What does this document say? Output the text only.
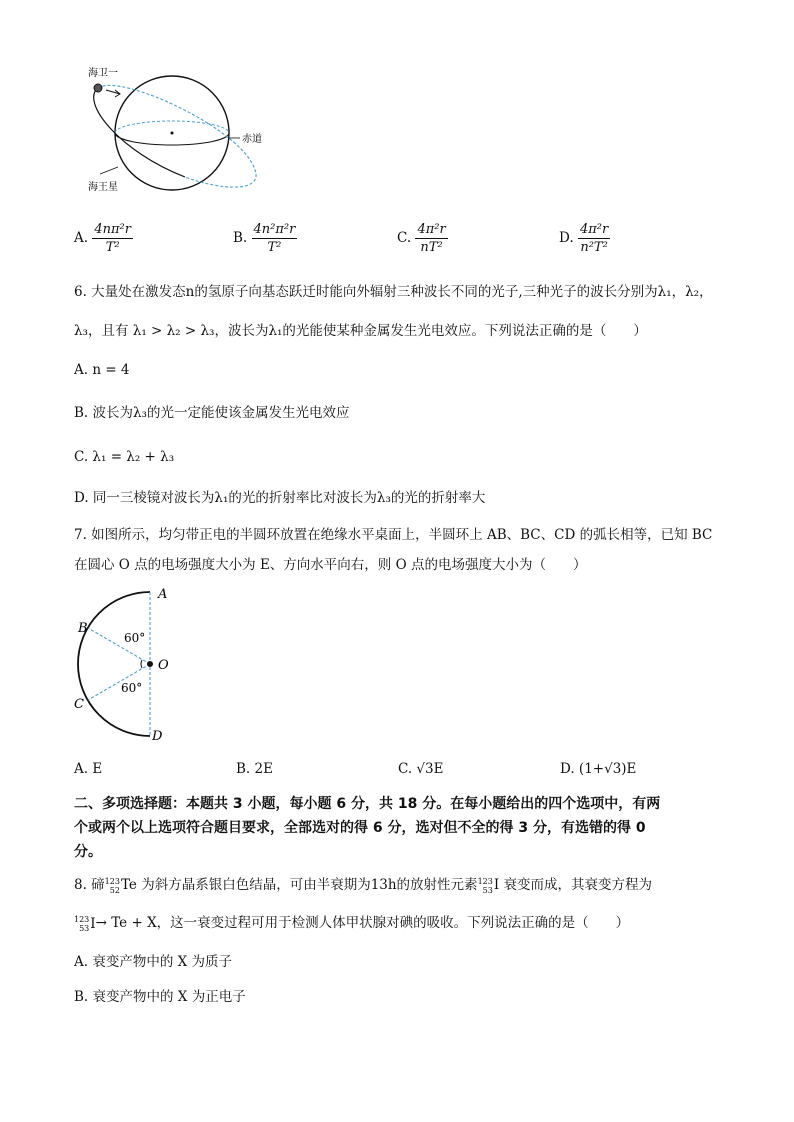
海卫一
海王星
赤道
A. $\frac{\text{4nπ²r}}{\text{T²}}$	B. $\frac{\text{4n²π²r}}{\text{T²}}$	C. $\frac{\text{4π²r}}{\text{nT²}}$	D. $\frac{\text{4π²r}}{\text{n²T²}}$
6. 大量处在激发态n的氢原子向基态跃迁时能向外辐射三种波长不同的光子,三种光子的波长分别为λ₁，λ₂，
λ₃，且有 λ₁ > λ₂ > λ₃，波长为λ₁的光能使某种金属发生光电效应。下列说法正确的是（　　）
A. n = 4
B. 波长为λ₃的光一定能使该金属发生光电效应
C. λ₁ = λ₂ + λ₃
D. 同一三棱镜对波长为λ₁的光的折射率比对波长为λ₃的光的折射率大
7. 如图所示，均匀带正电的半圆环放置在绝缘水平桌面上，半圆环上 AB、BC、CD 的弧长相等，已知 BC
在圆心 O 点的电场强度大小为 E、方向水平向右，则 O 点的电场强度大小为（　　）
A
B
C
D
O
60°
60°
A. E	B. 2E	C. √3E	D. (1+√3)E
二、多项选择题：本题共 3 小题，每小题 6 分，共 18 分。在每小题给出的四个选项中，有两
个或两个以上选项符合题目要求，全部选对的得 6 分，选对但不全的得 3 分，有选错的得 0
分。
8. 碲 123
52 Te 为斜方晶系银白色结晶，可由半衰期为13h的放射性元素 123
53 I 衰变而成，其衰变方程为
123
53 I→ Te + X，这一衰变过程可用于检测人体甲状腺对碘的吸收。下列说法正确的是（　　）
A. 衰变产物中的 X 为质子
B. 衰变产物中的 X 为正电子
